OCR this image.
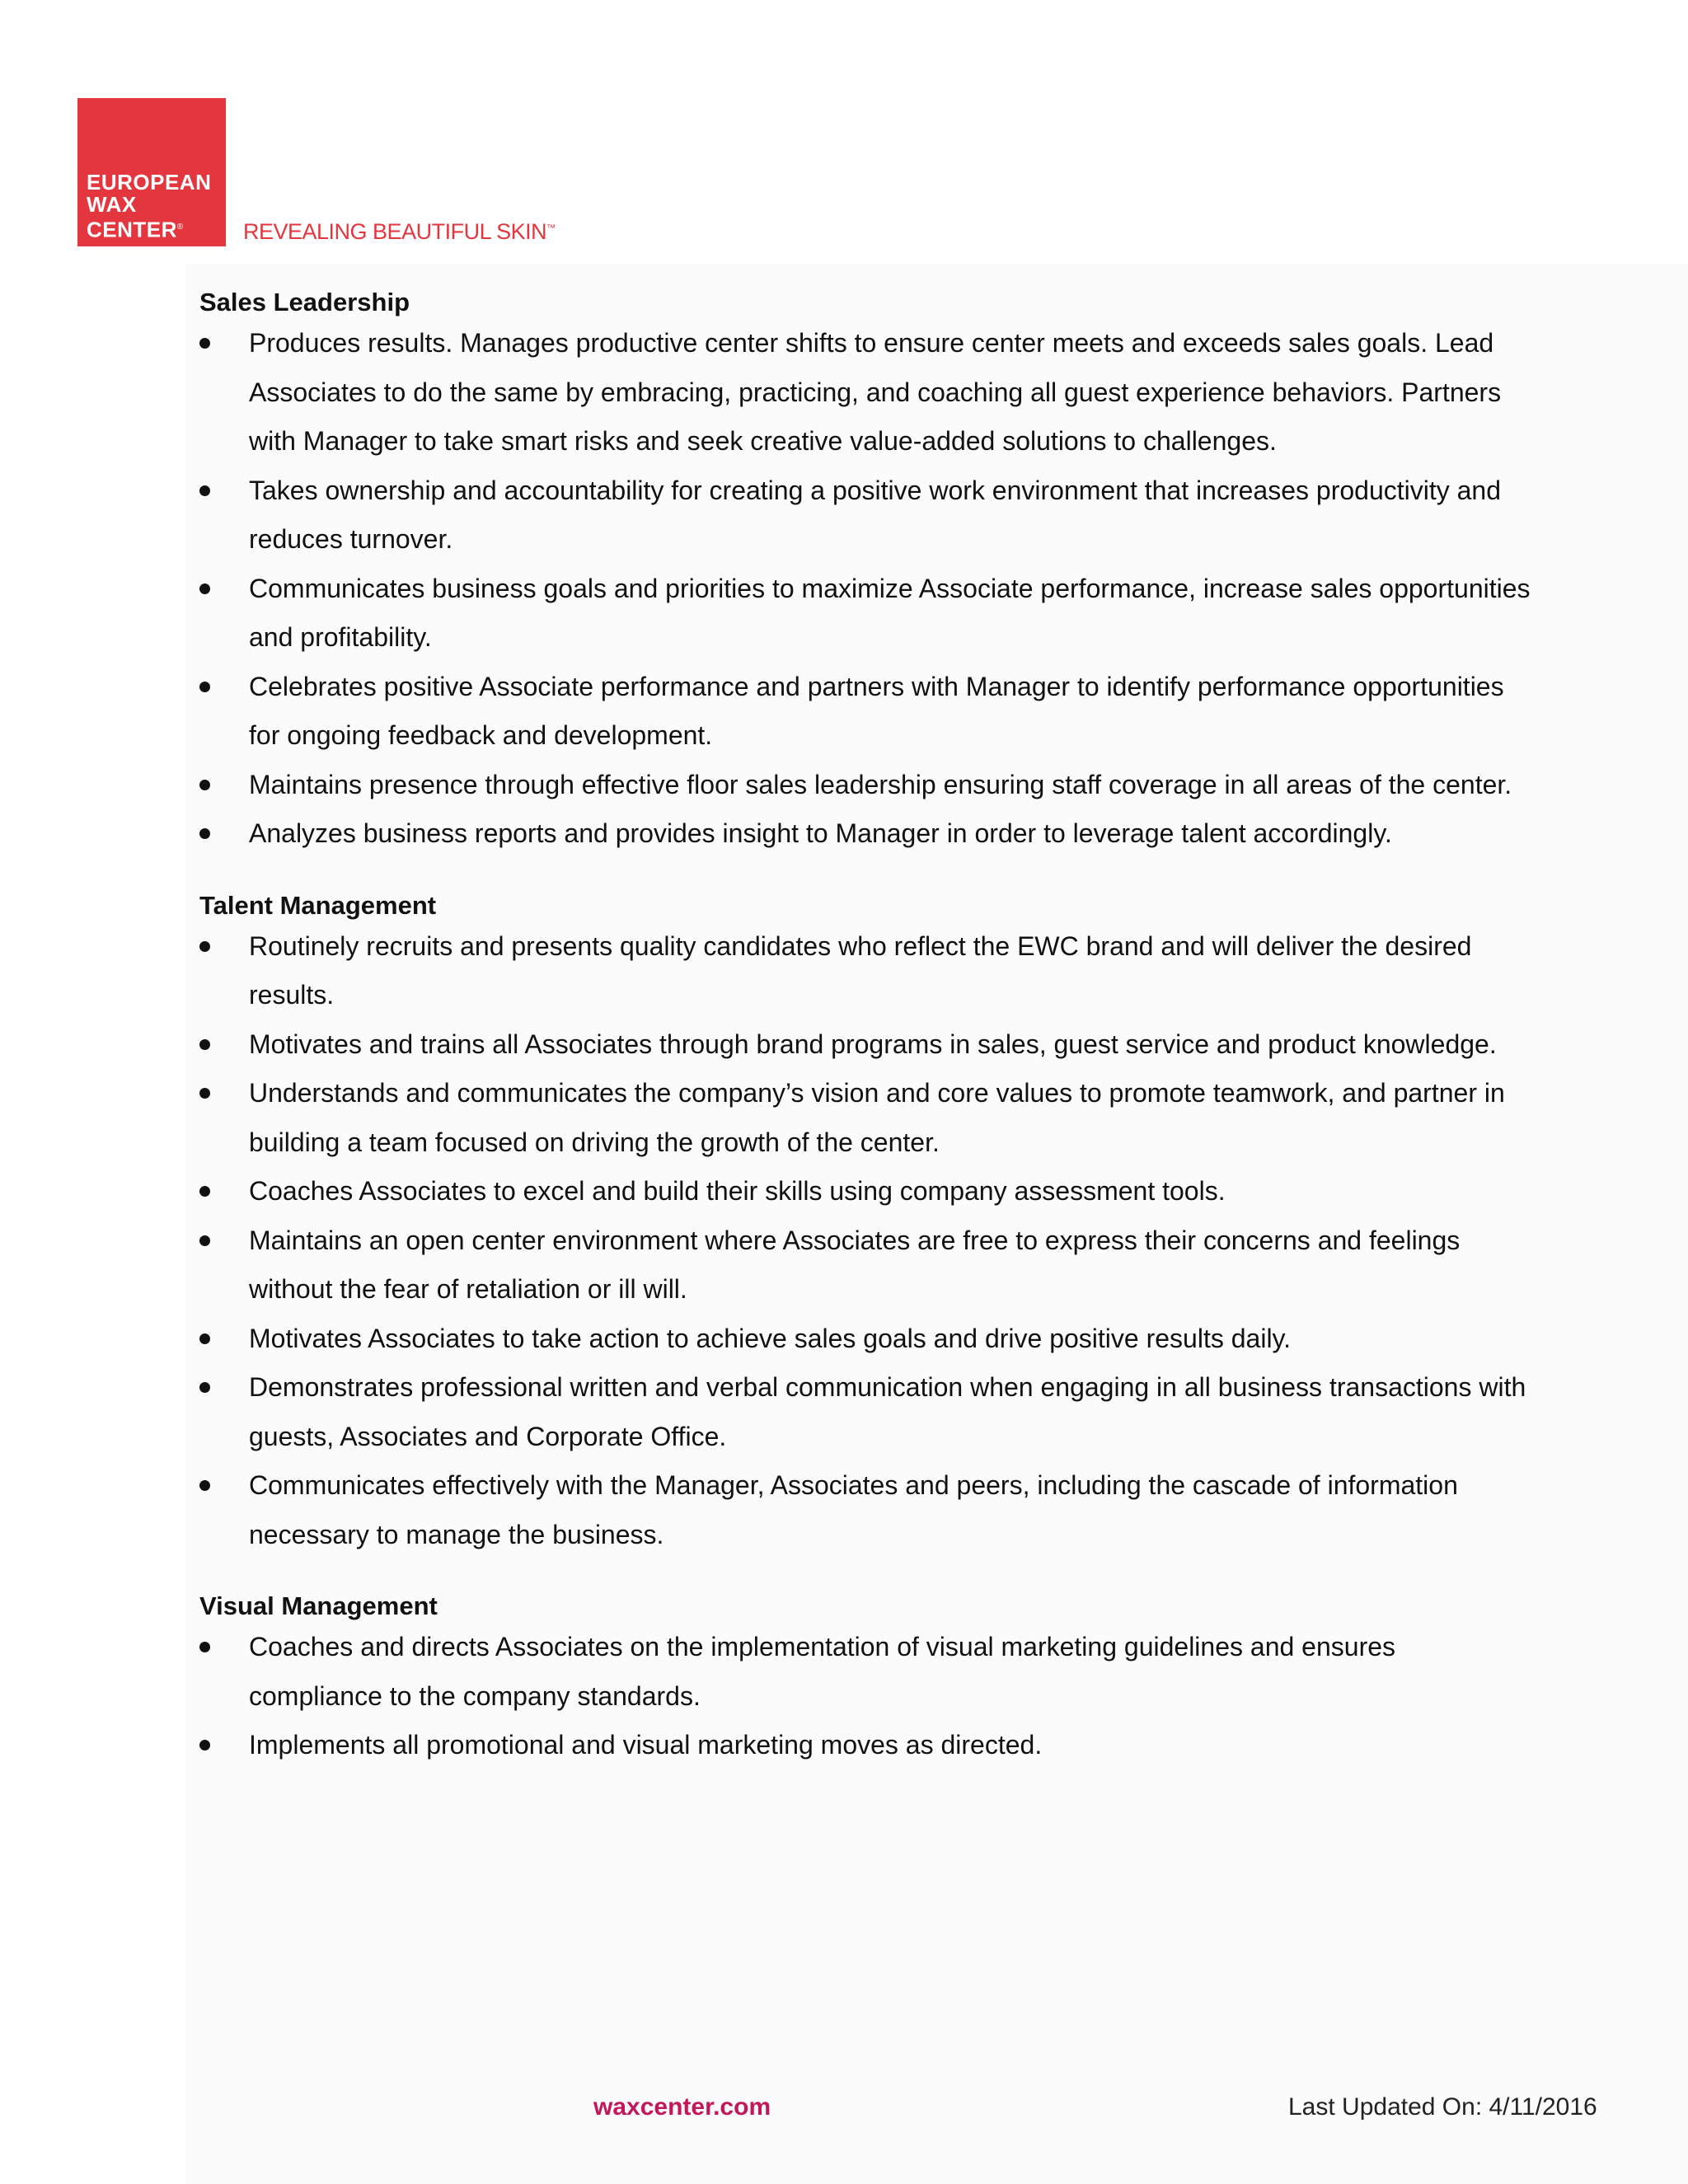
EUROPEAN
WAX
CENTER®	REVEALING BEAUTIFUL SKIN™
Sales Leadership
Produces results. Manages productive center shifts to ensure center meets and exceeds sales goals. Lead Associates to do the same by embracing, practicing, and coaching all guest experience behaviors. Partners with Manager to take smart risks and seek creative value-added solutions to challenges.
Takes ownership and accountability for creating a positive work environment that increases productivity and reduces turnover.
Communicates business goals and priorities to maximize Associate performance, increase sales opportunities and profitability.
Celebrates positive Associate performance and partners with Manager to identify performance opportunities for ongoing feedback and development.
Maintains presence through effective floor sales leadership ensuring staff coverage in all areas of the center.
Analyzes business reports and provides insight to Manager in order to leverage talent accordingly.
Talent Management
Routinely recruits and presents quality candidates who reflect the EWC brand and will deliver the desired results.
Motivates and trains all Associates through brand programs in sales, guest service and product knowledge.
Understands and communicates the company’s vision and core values to promote teamwork, and partner in building a team focused on driving the growth of the center.
Coaches Associates to excel and build their skills using company assessment tools.
Maintains an open center environment where Associates are free to express their concerns and feelings without the fear of retaliation or ill will.
Motivates Associates to take action to achieve sales goals and drive positive results daily.
Demonstrates professional written and verbal communication when engaging in all business transactions with guests, Associates and Corporate Office.
Communicates effectively with the Manager, Associates and peers, including the cascade of information necessary to manage the business.
Visual Management
Coaches and directs Associates on the implementation of visual marketing guidelines and ensures compliance to the company standards.
Implements all promotional and visual marketing moves as directed.
waxcenter.com	Last Updated On: 4/11/2016
